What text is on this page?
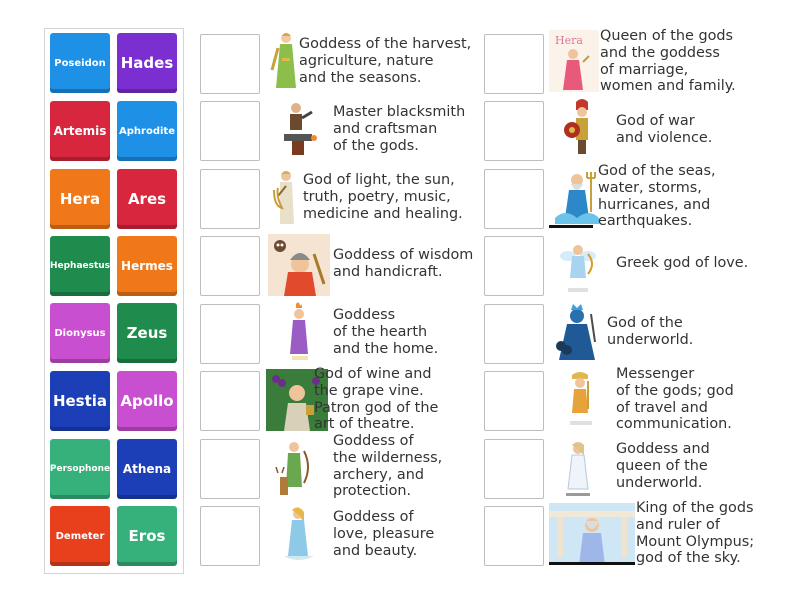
Poseidon Hades
Artemis	Aphrodite
Hera	Ares
Hephaestus Hermes
Dionysus	Zeus
Hestia Apollo
Persophone	Athena
Demeter	Eros
Goddess of the harvest,
agriculture, nature
and the seasons.
Master blacksmith
and craftsman
of the gods.
God of light, the sun,
truth, poetry, music,
medicine and healing.
Goddess of wisdom
and handicraft.
Goddess
of the hearth
and the home.
God of wine and
the grape vine.
Patron god of the
art of theatre.
Goddess of
the wilderness,
archery, and
protection.
Goddess of
love, pleasure
and beauty.
Hera Queen of the gods
and the goddess
of marriage,
women and family.
God of war
and violence.
God of the seas,
water, storms,
hurricanes, and
earthquakes.
Greek god of love.
God of the
underworld.
Messenger
of the gods; god
of travel and
communication.
Goddess and
queen of the
underworld.
King of the gods
and ruler of
Mount Olympus;
god of the sky.
